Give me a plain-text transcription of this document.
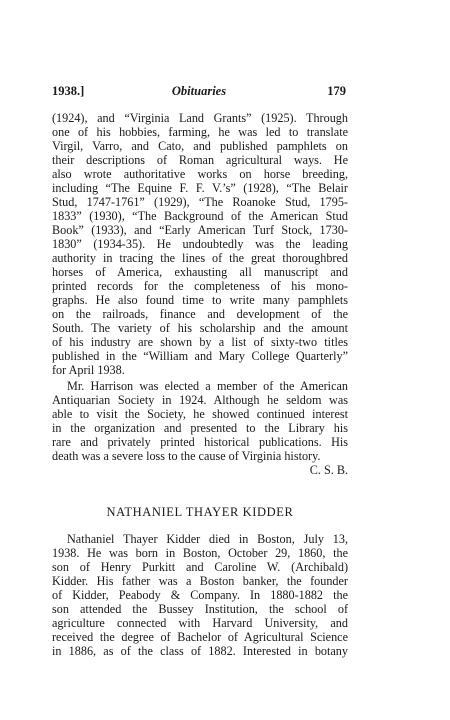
1938.]	Obituaries	179
(1924), and “Virginia Land Grants” (1925). Through
one of his hobbies, farming, he was led to translate
Virgil, Varro, and Cato, and published pamphlets on
their descriptions of Roman agricultural ways. He
also wrote authoritative works on horse breeding,
including “The Equine F. F. V.’s” (1928), “The Belair
Stud, 1747-1761” (1929), “The Roanoke Stud, 1795-
1833” (1930), “The Background of the American Stud
Book” (1933), and “Early American Turf Stock, 1730-
1830” (1934-35). He undoubtedly was the leading
authority in tracing the lines of the great thoroughbred
horses of America, exhausting all manuscript and
printed records for the completeness of his mono-
graphs. He also found time to write many pamphlets
on the railroads, finance and development of the
South. The variety of his scholarship and the amount
of his industry are shown by a list of sixty-two titles
published in the “William and Mary College Quarterly”
for April 1938.
Mr. Harrison was elected a member of the American
Antiquarian Society in 1924. Although he seldom was
able to visit the Society, he showed continued interest
in the organization and presented to the Library his
rare and privately printed historical publications. His
death was a severe loss to the cause of Virginia history.
C. S. B.
NATHANIEL THAYER KIDDER
Nathaniel Thayer Kidder died in Boston, July 13,
1938. He was born in Boston, October 29, 1860, the
son of Henry Purkitt and Caroline W. (Archibald)
Kidder. His father was a Boston banker, the founder
of Kidder, Peabody & Company. In 1880-1882 the
son attended the Bussey Institution, the school of
agriculture connected with Harvard University, and
received the degree of Bachelor of Agricultural Science
in 1886, as of the class of 1882. Interested in botany
